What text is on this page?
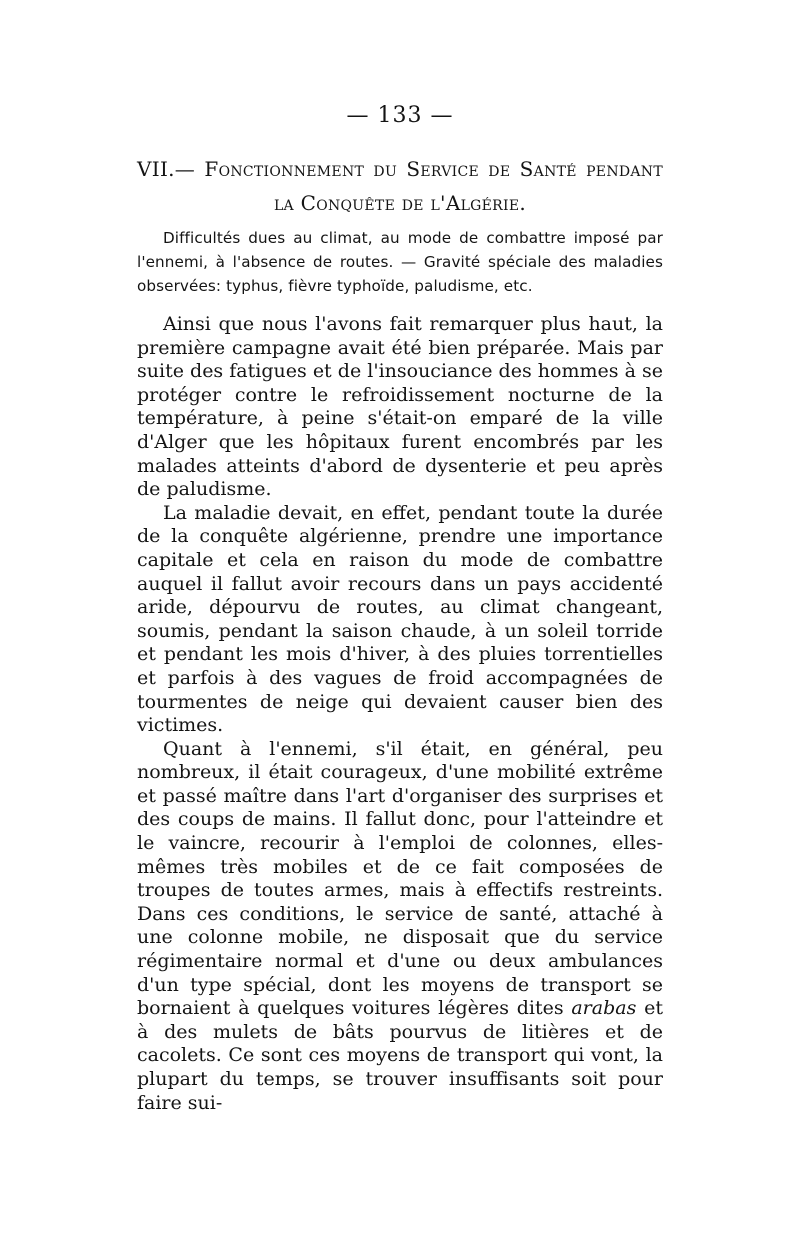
— 133 —
VII.— Fonctionnement du Service de Santé pendant
la Conquête de l'Algérie.
Difficultés dues au climat, au mode de combattre imposé par l'ennemi, à l'absence de routes. — Gravité spéciale des maladies observées: typhus, fièvre typhoïde, paludisme, etc.

Ainsi que nous l'avons fait remarquer plus haut, la première campagne avait été bien préparée. Mais par suite des fatigues et de l'insouciance des hommes à se protéger contre le refroidissement nocturne de la température, à peine s'était-on emparé de la ville d'Alger que les hôpitaux furent encombrés par les malades atteints d'abord de dysenterie et peu après de paludisme.

La maladie devait, en effet, pendant toute la durée de la conquête algérienne, prendre une importance capitale et cela en raison du mode de combattre auquel il fallut avoir recours dans un pays accidenté aride, dépourvu de routes, au climat changeant, soumis, pendant la saison chaude, à un soleil torride et pendant les mois d'hiver, à des pluies torrentielles et parfois à des vagues de froid accompagnées de tourmentes de neige qui devaient causer bien des victimes.

Quant à l'ennemi, s'il était, en général, peu nombreux, il était courageux, d'une mobilité extrême et passé maître dans l'art d'organiser des surprises et des coups de mains. Il fallut donc, pour l'atteindre et le vaincre, recourir à l'emploi de colonnes, elles-mêmes très mobiles et de ce fait composées de troupes de toutes armes, mais à effectifs restreints. Dans ces conditions, le service de santé, attaché à une colonne mobile, ne disposait que du service régimentaire normal et d'une ou deux ambulances d'un type spécial, dont les moyens de transport se bornaient à quelques voitures légères dites arabas et à des mulets de bâts pourvus de litières et de cacolets. Ce sont ces moyens de transport qui vont, la plupart du temps, se trouver insuffisants soit pour faire sui-
